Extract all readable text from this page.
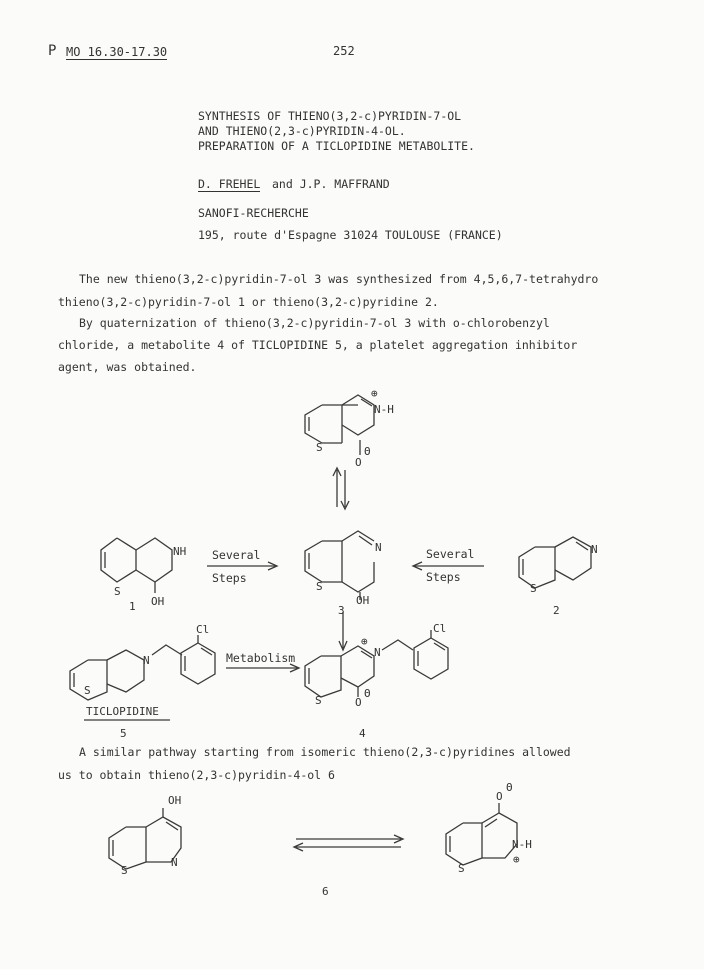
P MO 16.30-17.30	252
SYNTHESIS OF THIENO(3,2-c)PYRIDIN-7-OL
AND THIENO(2,3-c)PYRIDIN-4-OL.
PREPARATION OF A TICLOPIDINE METABOLITE.
D. FREHEL and J.P. MAFFRAND
SANOFI-RECHERCHE
195, route d'Espagne 31024 TOULOUSE (FRANCE)
The new thieno(3,2-c)pyridin-7-ol 3 was synthesized from 4,5,6,7-tetrahydro
thieno(3,2-c)pyridin-7-ol 1 or thieno(3,2-c)pyridine 2.
By quaternization of thieno(3,2-c)pyridin-7-ol 3 with o-chlorobenzyl
chloride, a metabolite 4 of TICLOPIDINE 5, a platelet aggregation inhibitor
agent, was obtained.
A similar pathway starting from isomeric thieno(2,3-c)pyridines allowed
us to obtain thieno(2,3-c)pyridin-4-ol 6
S
N-H
⊕
O
Θ
S
NH
OH
1
Several
Steps
S
N
OH
3
Several
Steps
S
N
2
S
N
Cl
TICLOPIDINE
5
Metabolism
S
N
⊕
Cl
O
Θ
4
S
N
OH
S
N-H
⊕
O
Θ
6
